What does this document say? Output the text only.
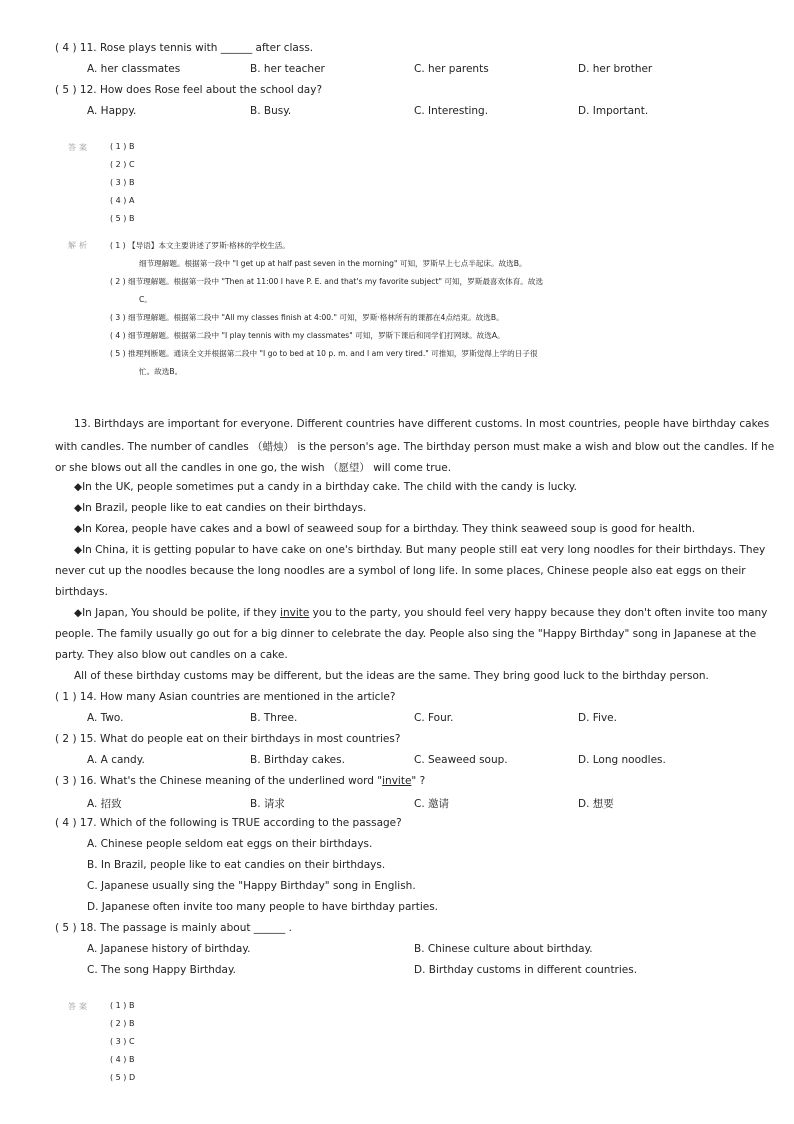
( 4 ) 11. Rose plays tennis with ______ after class.
A. her classmates	B. her teacher	C. her parents	D. her brother
( 5 ) 12. How does Rose feel about the school day?
A. Happy.	B. Busy.	C. Interesting.	D. Important.
答案	( 1 ) B
( 2 ) C
( 3 ) B
( 4 ) A
( 5 ) B
解析	( 1 ) 【导语】本文主要讲述了罗斯·格林的学校生活。
细节理解题。根据第一段中 "I get up at half past seven in the morning" 可知，罗斯早上七点半起床。故选B。
( 2 ) 细节理解题。根据第一段中 "Then at 11:00 I have P. E. and that's my favorite subject" 可知，罗斯最喜欢体育。故选
C。
( 3 ) 细节理解题。根据第二段中 "All my classes finish at 4:00." 可知，罗斯·格林所有的课都在4点结束。故选B。
( 4 ) 细节理解题。根据第二段中 "I play tennis with my classmates" 可知，罗斯下课后和同学们打网球。故选A。
( 5 ) 推理判断题。通读全文并根据第二段中 "I go to bed at 10 p. m. and I am very tired." 可推知，罗斯觉得上学的日子很
忙。故选B。
13. Birthdays are important for everyone. Different countries have different customs. In most countries, people have birthday cakes
with candles. The number of candles （蜡烛） is the person's age. The birthday person must make a wish and blow out the candles. If he
or she blows out all the candles in one go, the wish （愿望） will come true.
◆In the UK, people sometimes put a candy in a birthday cake. The child with the candy is lucky.
◆In Brazil, people like to eat candies on their birthdays.
◆In Korea, people have cakes and a bowl of seaweed soup for a birthday. They think seaweed soup is good for health.
◆In China, it is getting popular to have cake on one's birthday. But many people still eat very long noodles for their birthdays. They
never cut up the noodles because the long noodles are a symbol of long life. In some places, Chinese people also eat eggs on their
birthdays.
◆In Japan, You should be polite, if they invite you to the party, you should feel very happy because they don't often invite too many
people. The family usually go out for a big dinner to celebrate the day. People also sing the "Happy Birthday" song in Japanese at the
party. They also blow out candles on a cake.
All of these birthday customs may be different, but the ideas are the same. They bring good luck to the birthday person.
( 1 ) 14. How many Asian countries are mentioned in the article?
A. Two.	B. Three.	C. Four.	D. Five.
( 2 ) 15. What do people eat on their birthdays in most countries?
A. A candy.	B. Birthday cakes.	C. Seaweed soup.	D. Long noodles.
( 3 ) 16. What's the Chinese meaning of the underlined word "invite" ?
A. 招致	B. 请求	C. 邀请	D. 想要
( 4 ) 17. Which of the following is TRUE according to the passage?
A. Chinese people seldom eat eggs on their birthdays.
B. In Brazil, people like to eat candies on their birthdays.
C. Japanese usually sing the "Happy Birthday" song in English.
D. Japanese often invite too many people to have birthday parties.
( 5 ) 18. The passage is mainly about ______ .
A. Japanese history of birthday.	B. Chinese culture about birthday.
C. The song Happy Birthday.	D. Birthday customs in different countries.
答案	( 1 ) B
( 2 ) B
( 3 ) C
( 4 ) B
( 5 ) D
